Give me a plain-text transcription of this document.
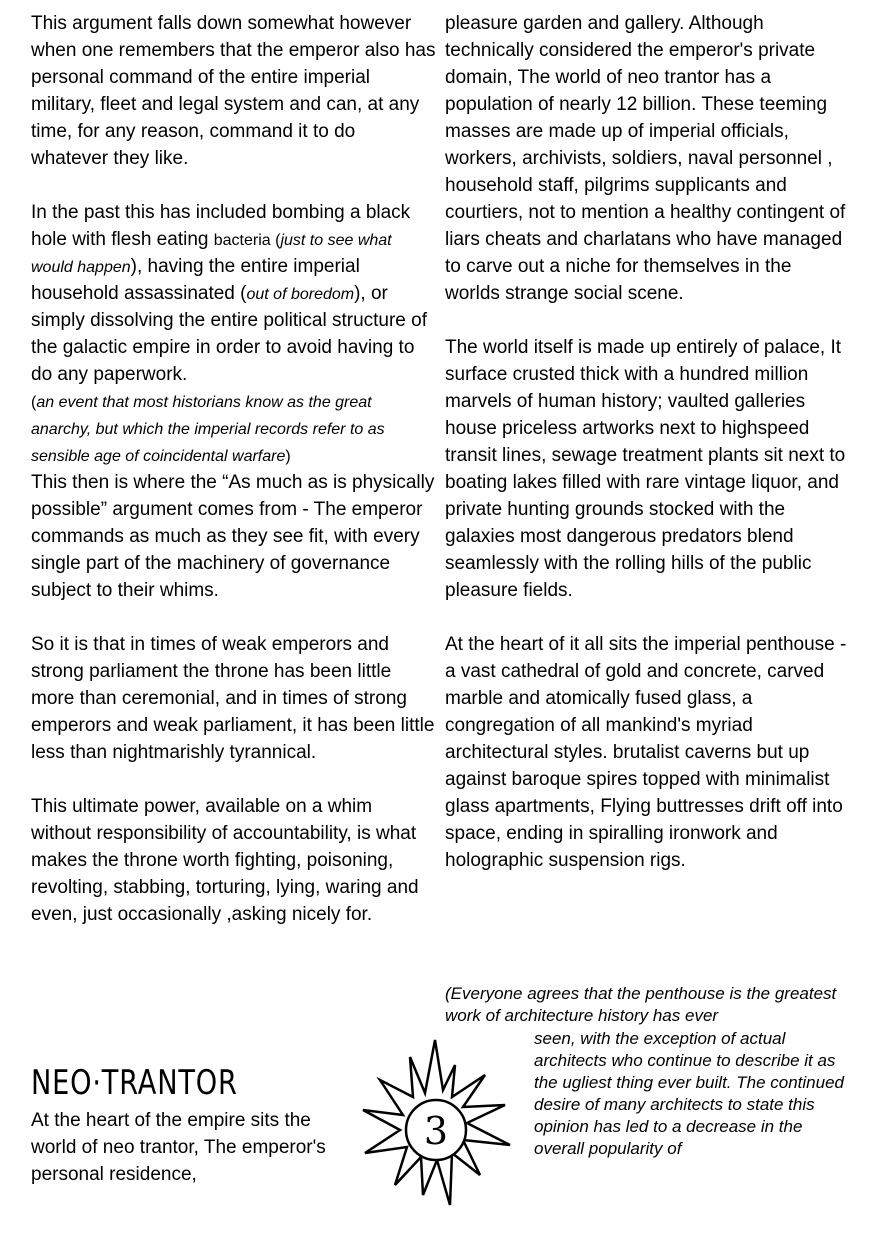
This argument falls down somewhat however when one remembers that the emperor also has personal command of the entire imperial military, fleet and legal system and can, at any time, for any reason, command it to do whatever they like.

In the past this has included bombing a black hole with flesh eating bacteria (just to see what would happen), having the entire imperial household assassinated (out of boredom), or simply dissolving the entire political structure of the galactic empire in order to avoid having to do any paperwork.
(an event that most historians know as the great anarchy, but which the imperial records refer to as sensible age of coincidental warfare)

This then is where the “As much as is physically possible” argument comes from - The emperor commands as much as they see fit, with every single part of the machinery of governance subject to their whims.

So it is that in times of weak emperors and strong parliament the throne has been little more than ceremonial, and in times of strong emperors and weak parliament, it has been little less than nightmarishly tyrannical.

This ultimate power, available on a whim without responsibility of accountability, is what makes the throne worth fighting, poisoning, revolting, stabbing, torturing, lying, waring and even, just occasionally ,asking nicely for.

NEO·TRANTOR
At the heart of the empire sits the world of neo trantor, The emperor's personal residence,

pleasure garden and gallery. Although technically considered the emperor's private domain, The world of neo trantor has a population of nearly 12 billion. These teeming masses are made up of imperial officials, workers, archivists, soldiers, naval personnel , household staff, pilgrims supplicants and courtiers, not to mention a healthy contingent of liars cheats and charlatans who have managed to carve out a niche for themselves in the worlds strange social scene.

The world itself is made up entirely of palace, It surface crusted thick with a hundred million marvels of human history; vaulted galleries house priceless artworks next to highspeed transit lines, sewage treatment plants sit next to boating lakes filled with rare vintage liquor, and private hunting grounds stocked with the galaxies most dangerous predators blend seamlessly with the rolling hills of the public pleasure fields.

At the heart of it all sits the imperial penthouse - a vast cathedral of gold and concrete, carved marble and atomically fused glass, a congregation of all mankind's myriad architectural styles. brutalist caverns but up against baroque spires topped with minimalist glass apartments, Flying buttresses drift off into space, ending in spiralling ironwork and holographic suspension rigs.

(Everyone agrees that the penthouse is the greatest work of architecture history has ever
seen, with the exception of actual architects who continue to describe it as the ugliest thing ever built. The continued desire of many architects to state this opinion has led to a decrease in the overall popularity of
3
